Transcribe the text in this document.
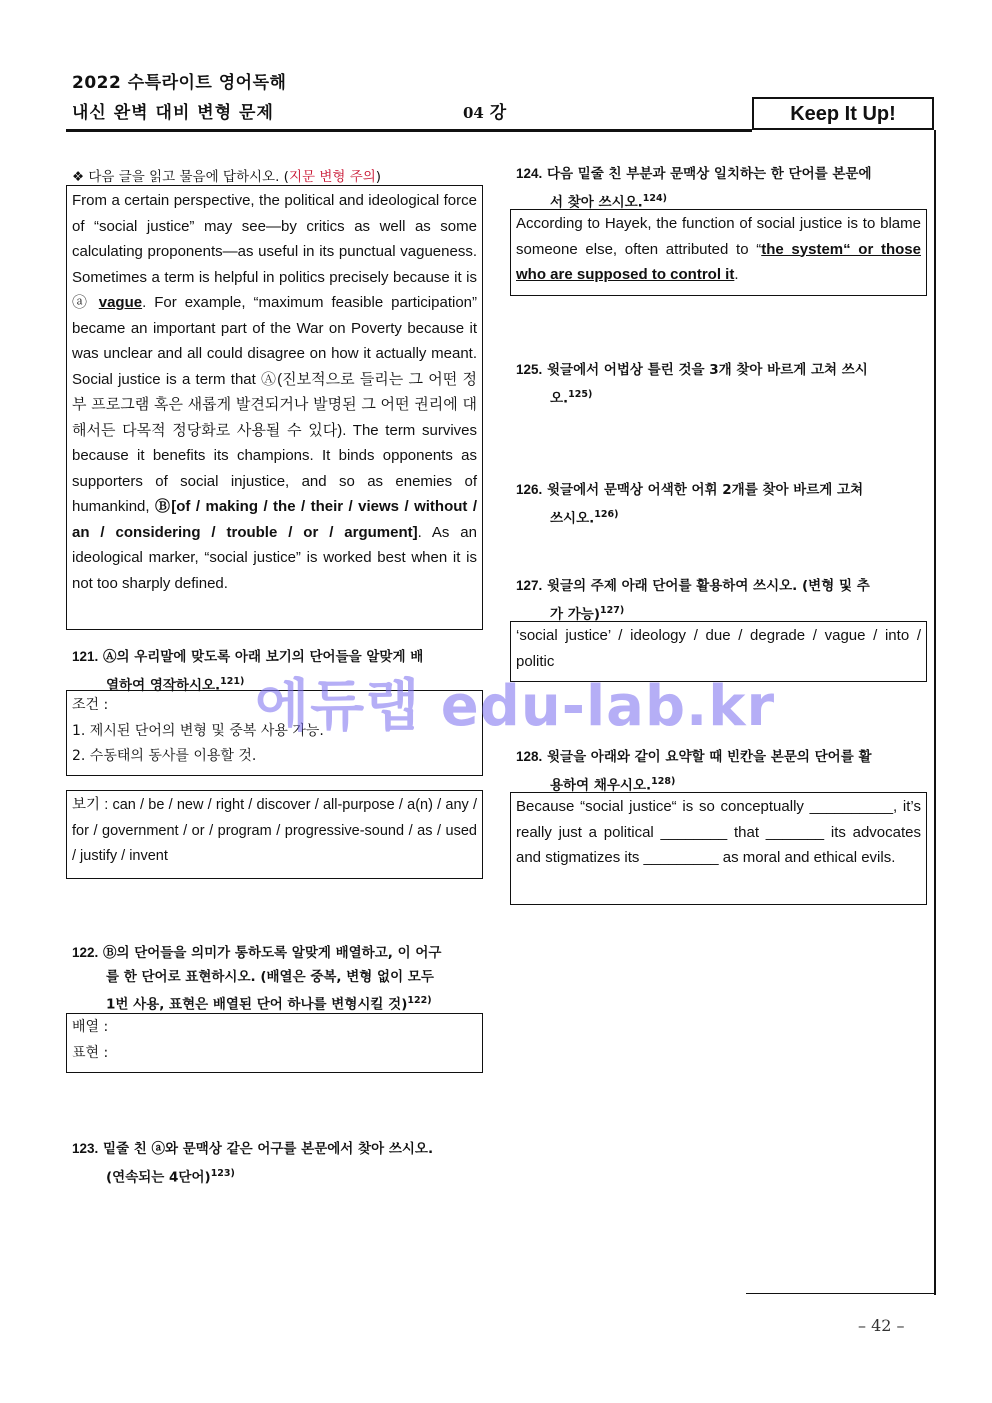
2022 수특라이트 영어독해
내신 완벽 대비 변형 문제	04 강	Keep It Up!
❖ 다음 글을 읽고 물음에 답하시오. (지문 변형 주의)
From a certain perspective, the political and ideological force of “social justice” may see—by critics as well as some calculating proponents—as useful in its punctual vagueness. Sometimes a term is helpful in politics precisely because it is ⓐ vague. For example, “maximum feasible participation” became an important part of the War on Poverty because it was unclear and all could disagree on how it actually meant. Social justice is a term that Ⓐ(진보적으로 들리는 그 어떤 정부 프로그램 혹은 새롭게 발견되거나 발명된 그 어떤 권리에 대해서든 다목적 정당화로 사용될 수 있다). The term survives because it benefits its champions. It binds opponents as supporters of social injustice, and so as enemies of humankind, Ⓑ[of / making / the / their / views / without / an / considering / trouble / or / argument]. As an ideological marker, “social justice” is worked best when it is not too sharply defined.
121. Ⓐ의 우리말에 맞도록 아래 보기의 단어들을 알맞게 배
열하여 영작하시오.$^{121)}$
조건 :
1. 제시된 단어의 변형 및 중복 사용 가능.
2. 수동태의 동사를 이용할 것.
보기 : can / be / new / right / discover / all-purpose / a(n) / any / for / government / or / program / progressive-sound / as / used / justify / invent
122. Ⓑ의 단어들을 의미가 통하도록 알맞게 배열하고, 이 어구
를 한 단어로 표현하시오. (배열은 중복, 변형 없이 모두
1번 사용, 표현은 배열된 단어 하나를 변형시킬 것)$^{122)}$
배열 :
표현 :
123. 밑줄 친 ⓐ와 문맥상 같은 어구를 본문에서 찾아 쓰시오.
(연속되는 4단어)$^{123)}$
124. 다음 밑줄 친 부분과 문맥상 일치하는 한 단어를 본문에
서 찾아 쓰시오.$^{124)}$
According to Hayek, the function of social justice is to blame someone else, often attributed to “the system“ or those who are supposed to control it.
125. 윗글에서 어법상 틀린 것을 3개 찾아 바르게 고쳐 쓰시
오.$^{125)}$
126. 윗글에서 문맥상 어색한 어휘 2개를 찾아 바르게 고쳐
쓰시오.$^{126)}$
127. 윗글의 주제 아래 단어를 활용하여 쓰시오. (변형 및 추
가 가능)$^{127)}$
‘social justice’ / ideology / due / degrade / vague / into / politic
128. 윗글을 아래와 같이 요약할 때 빈칸을 본문의 단어를 활
용하여 채우시오.$^{128)}$
Because “social justice“ is so conceptually __________, it’s really just a political ________ that _______ its advocates and stigmatizes its _________ as moral and ethical evils.
에듀랩 edu-lab.kr
– 42 –
